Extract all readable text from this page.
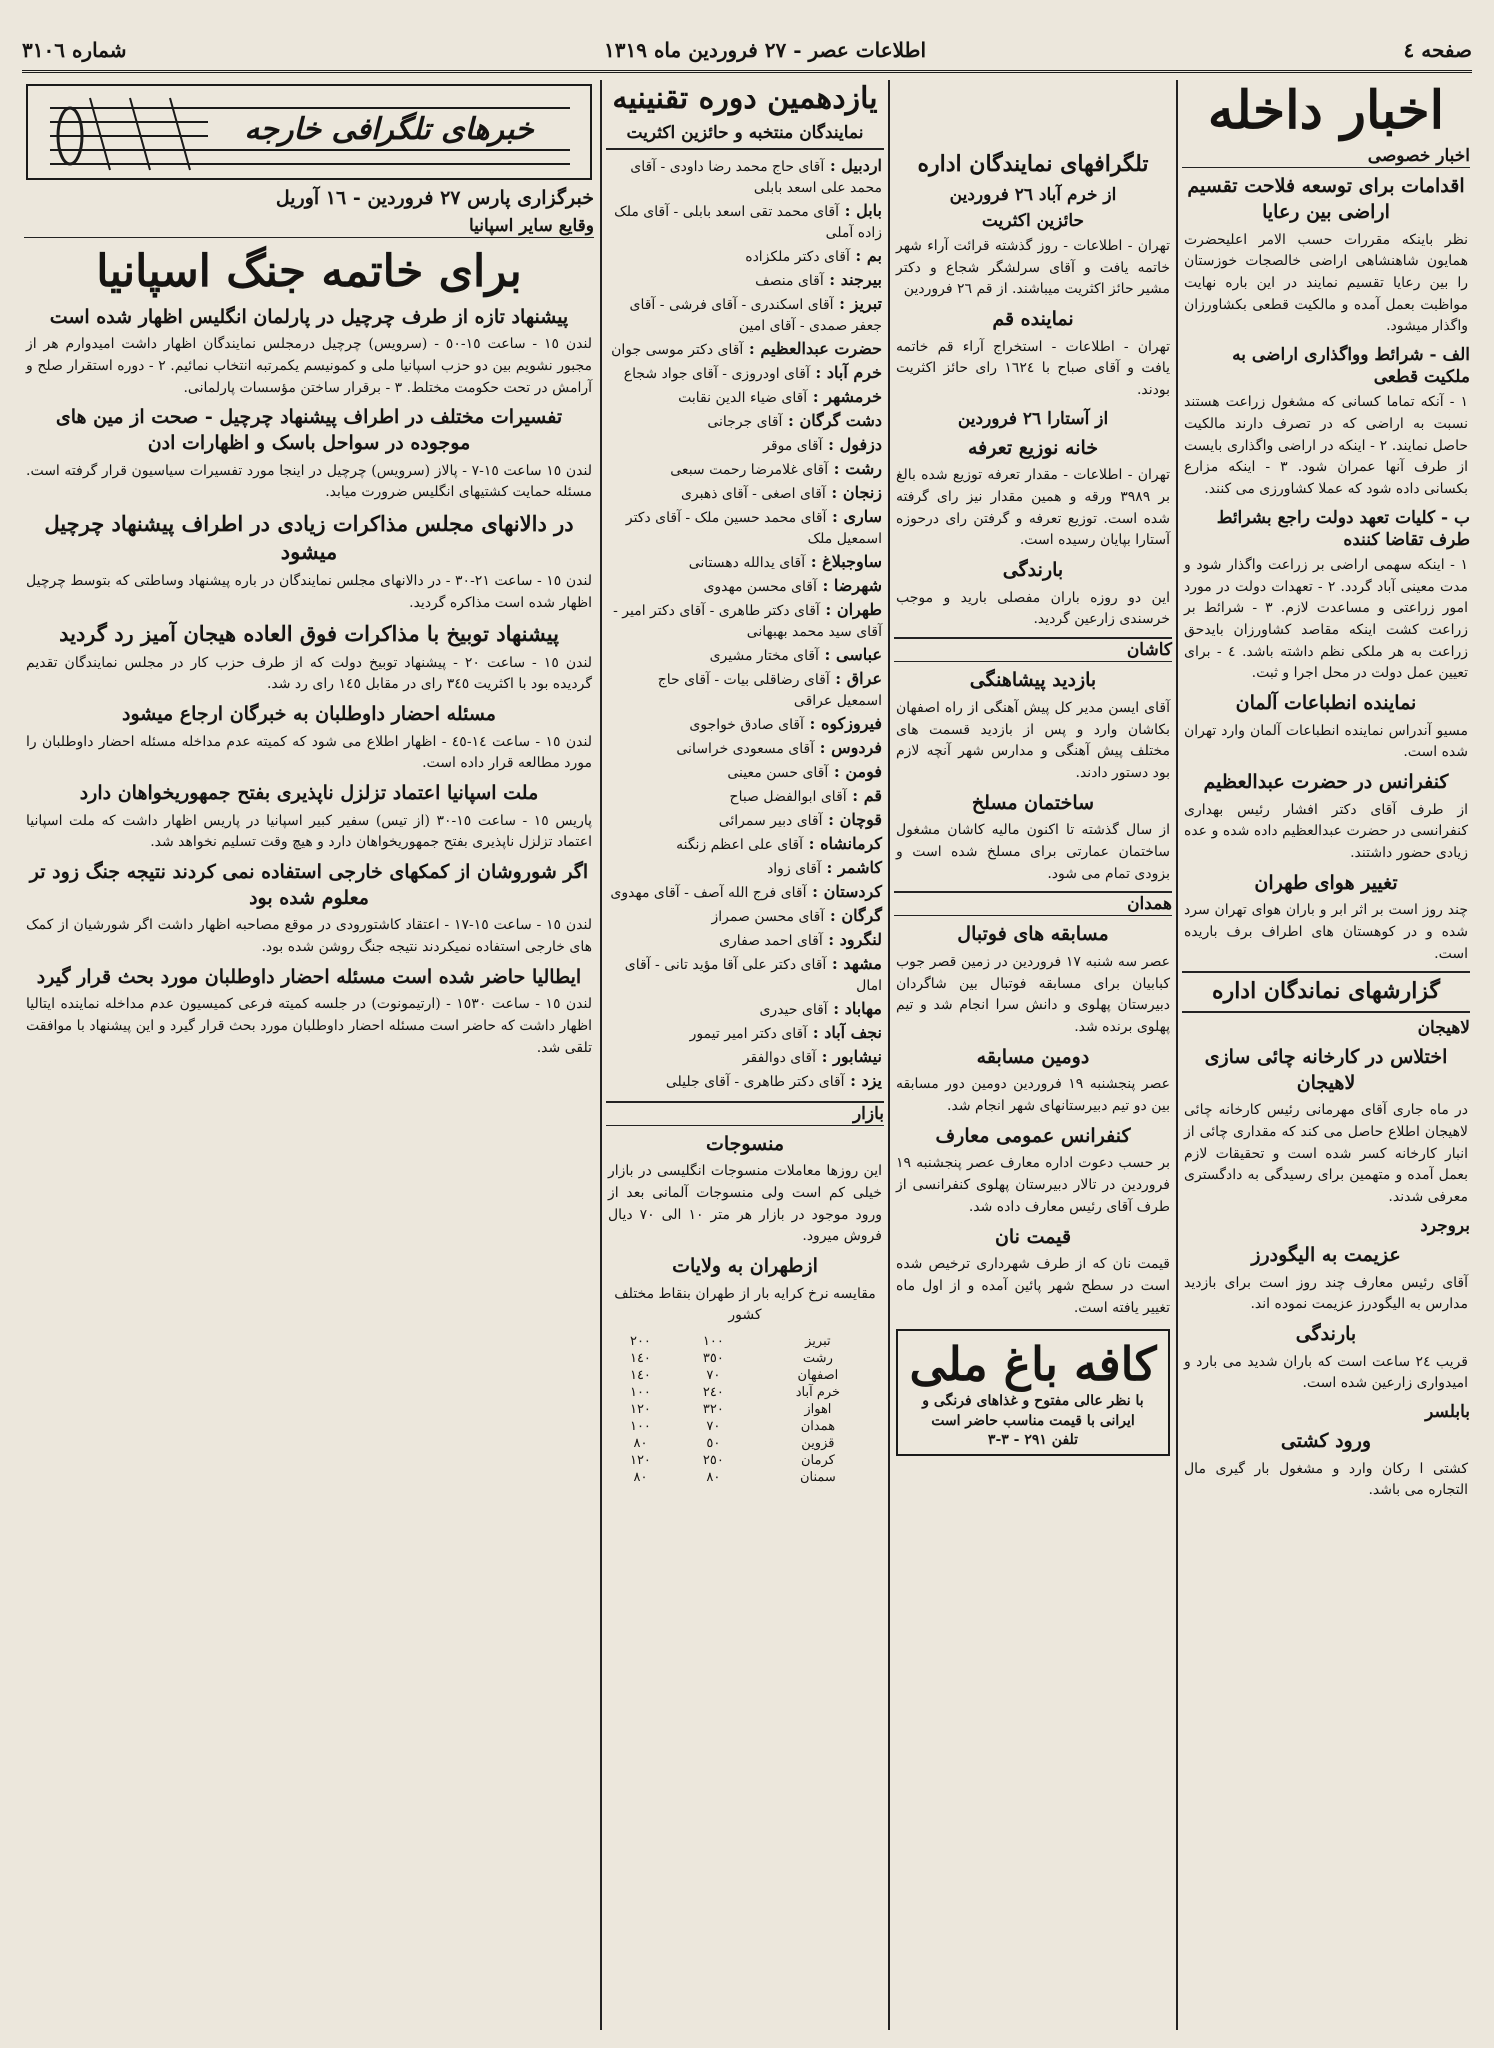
صفحه ٤
اطلاعات عصر - ٢٧ فروردین ماه ١٣١٩
شماره ٣١٠٦
اخبار داخله
اخبار خصوصی
اقدامات برای توسعه فلاحت تقسیم اراضی بین رعایا
نظر باینکه مقررات حسب الامر اعلیحضرت همایون شاهنشاهی اراضی خالصجات خوزستان را بین رعایا تقسیم نمایند در این باره نهایت مواظبت بعمل آمده و مالکیت قطعی بکشاورزان واگذار میشود.
الف - شرائط وواگذاری اراضی به ملکیت قطعی
١ - آنکه تماما کسانی که مشغول زراعت هستند نسبت به اراضی که در تصرف دارند مالکیت حاصل نمایند. ٢ - اینکه در اراضی واگذاری بایست از طرف آنها عمران شود. ٣ - اینکه مزارع بکسانی داده شود که عملا کشاورزی می کنند.
ب - کلیات تعهد دولت راجع بشرائط طرف تقاضا کننده
١ - اینکه سهمی اراضی بر زراعت واگذار شود و مدت معینی آباد گردد. ٢ - تعهدات دولت در مورد امور زراعتی و مساعدت لازم. ٣ - شرائط بر زراعت کشت اینکه مقاصد کشاورزان بایدحق زراعت به هر ملکی نظم داشته باشد. ٤ - برای تعیین عمل دولت در محل اجرا و ثبت.
نماینده انطباعات آلمان
مسیو آندراس نماینده انطباعات آلمان وارد تهران شده است.
کنفرانس در حضرت عبدالعظیم
از طرف آقای دکتر افشار رئیس بهداری کنفرانسی در حضرت عبدالعظیم داده شده و عده زیادی حضور داشتند.
تغییر هوای طهران
چند روز است بر اثر ابر و باران هوای تهران سرد شده و در کوهستان های اطراف برف باریده است.
گزارشهای نماندگان اداره
لاهیجان
اختلاس در کارخانه چائی سازی لاهیجان
در ماه جاری آقای مهرمانی رئیس کارخانه چائی لاهیجان اطلاع حاصل می کند که مقداری چائی از انبار کارخانه کسر شده است و تحقیقات لازم بعمل آمده و متهمین برای رسیدگی به دادگستری معرفی شدند.
بروجرد
عزیمت به الیگودرز
آقای رئیس معارف چند روز است برای بازدید مدارس به الیگودرز عزیمت نموده اند.
بارندگی
قریب ٢٤ ساعت است که باران شدید می بارد و امیدواری زارعین شده است.
بابلسر
ورود کشتی
کشتی ا رکان وارد و مشغول بار گیری مال التجاره می باشد.
تلگرافهای نمایندگان اداره
از خرم آباد ٢٦ فروردین
حائزین اکثریت
تهران - اطلاعات - روز گذشته قرائت آراء شهر خاتمه یافت و آقای سرلشگر شجاع و دکتر مشیر حائز اکثریت میباشند. از قم ٢٦ فروردین
نماینده قم
تهران - اطلاعات - استخراج آراء قم خاتمه یافت و آقای صباح با ١٦٢٤ رای حائز اکثریت بودند.
از آستارا ٢٦ فروردین
خانه نوزیع تعرفه
تهران - اطلاعات - مقدار تعرفه توزیع شده بالغ بر ٣٩٨٩ ورقه و همین مقدار نیز رای گرفته شده است. توزیع تعرفه و گرفتن رای درحوزه آستارا بپایان رسیده است.
بارندگی
این دو روزه باران مفصلی بارید و موجب خرسندی زارعین گردید.
کاشان
بازدید پیشاهنگی
آقای ایسن مدیر کل پیش آهنگی از راه اصفهان بکاشان وارد و پس از بازدید قسمت های مختلف پیش آهنگی و مدارس شهر آنچه لازم بود دستور دادند.
ساختمان مسلخ
از سال گذشته تا اکنون مالیه کاشان مشغول ساختمان عمارتی برای مسلخ شده است و بزودی تمام می شود.
همدان
مسابقه های فوتبال
عصر سه شنبه ١٧ فروردین در زمین قصر جوب کبابیان برای مسابقه فوتبال بین شاگردان دبیرستان پهلوی و دانش سرا انجام شد و تیم پهلوی برنده شد.
دومین مسابقه
عصر پنجشنبه ١٩ فروردین دومین دور مسابقه بین دو تیم دبیرستانهای شهر انجام شد.
کنفرانس عمومی معارف
بر حسب دعوت اداره معارف عصر پنجشنبه ١٩ فروردین در تالار دبیرستان پهلوی کنفرانسی از طرف آقای رئیس معارف داده شد.
قیمت نان
قیمت نان که از طرف شهرداری ترخیص شده است در سطح شهر پائین آمده و از اول ماه تغییر یافته است.
کافه باغ ملی
با نظر عالی مفتوح و غذاهای فرنگی و ایرانی با قیمت مناسب حاضر است
تلفن ٢٩١ - ٣-٣
یازدهمین دوره تقنینیه
نمایندگان منتخبه و حائزین اکثریت
اردبیل : آقای حاج محمد رضا داودی - آقای محمد علی اسعد بابلی
بابل : آقای محمد تقی اسعد بابلی - آقای ملک زاده آملی
بم : آقای دکتر ملکزاده
بیرجند : آقای منصف
تبریز : آقای اسکندری - آقای فرشی - آقای جعفر صمدی - آقای امین
حضرت عبدالعظیم : آقای دکتر موسی جوان
خرم آباد : آقای اودروزی - آقای جواد شجاع
خرمشهر : آقای ضیاء الدین نقابت
دشت گرگان : آقای جرجانی
دزفول : آقای موقر
رشت : آقای غلامرضا رحمت سبعی
زنجان : آقای اصغی - آقای ذهبری
ساری : آقای محمد حسین ملک - آقای دکتر اسمعیل ملک
ساوجبلاغ : آقای یدالله دهستانی
شهرضا : آقای محسن مهدوی
طهران : آقای دکتر طاهری - آقای دکتر امیر - آقای سید محمد بهبهانی
عباسی : آقای مختار مشیری
عراق : آقای رضاقلی بیات - آقای حاج اسمعیل عراقی
فیروزکوه : آقای صادق خواجوی
فردوس : آقای مسعودی خراسانی
فومن : آقای حسن معینی
قم : آقای ابوالفضل صباح
قوچان : آقای دبیر سمرائی
کرمانشاه : آقای علی اعظم زنگنه
کاشمر : آقای زواد
کردستان : آقای فرج الله آصف - آقای مهدوی
گرگان : آقای محسن صمراز
لنگرود : آقای احمد صفاری
مشهد : آقای دکتر علی آقا مؤید تانی - آقای امال
مهاباد : آقای حیدری
نجف آباد : آقای دکتر امیر تیمور
نیشابور : آقای دوالفقر
یزد : آقای دکتر طاهری - آقای جلیلی
بازار
منسوجات
این روزها معاملات منسوجات انگلیسی در بازار خیلی کم است ولی منسوجات آلمانی بعد از ورود موجود در بازار هر متر ١٠ الی ٧٠ دیال فروش میرود.
ازطهران به ولایات
مقایسه نرخ کرایه بار از طهران بنقاط مختلف کشور
تبریز	١٠٠	٢٠٠
رشت	٣٥٠	١٤٠
اصفهان	٧٠	١٤٠
خرم آباد	٢٤٠	١٠٠
اهواز	٣٢٠	١٢٠
همدان	٧٠	١٠٠
قزوین	٥٠	٨٠
کرمان	٢٥٠	١٢٠
سمنان	٨٠	٨٠
خبرهای تلگرافی خارجه
خبرگزاری پارس ٢٧ فروردین - ١٦ آوریل
وقایع سایر اسپانیا
برای خاتمه جنگ اسپانیا
پیشنهاد تازه از طرف چرچیل در پارلمان انگلیس اظهار شده است
لندن ١٥ - ساعت ١٥-٥٠ - (سرویس) چرچیل درمجلس نمایندگان اظهار داشت امیدوارم هر از مجبور نشویم بین دو حزب اسپانیا ملی و کمونیسم یکمرتبه انتخاب نمائیم. ٢ - دوره استقرار صلح و آرامش در تحت حکومت مختلط. ٣ - برقرار ساختن مؤسسات پارلمانی.
تفسیرات مختلف در اطراف پیشنهاد چرچیل - صحت از مین های موجوده در سواحل باسک و اظهارات ادن
لندن ١٥ ساعت ١٥-٧ - پالاز (سرویس) چرچیل در اینجا مورد تفسیرات سیاسیون قرار گرفته است. مسئله حمایت کشتیهای انگلیس ضرورت میابد.
در دالانهای مجلس مذاکرات زیادی در اطراف پیشنهاد چرچیل میشود
لندن ١٥ - ساعت ٢١-٣٠ - در دالانهای مجلس نمایندگان در باره پیشنهاد وساطتی که بتوسط چرچیل اظهار شده است مذاکره گردید.
پیشنهاد توبیخ با مذاکرات فوق العاده هیجان آمیز رد گردید
لندن ١٥ - ساعت ٢٠ - پیشنهاد توبیخ دولت که از طرف حزب کار در مجلس نمایندگان تقدیم گردیده بود با اکثریت ٣٤٥ رای در مقابل ١٤٥ رای رد شد.
مسئله احضار داوطلبان به خبرگان ارجاع میشود
لندن ١٥ - ساعت ١٤-٤٥ - اظهار اطلاع می شود که کمیته عدم مداخله مسئله احضار داوطلبان را مورد مطالعه قرار داده است.
ملت اسپانیا اعتماد تزلزل ناپذیری بفتح جمهوریخواهان دارد
پاریس ١٥ - ساعت ١٥-٣٠ (از تیس) سفیر کبیر اسپانیا در پاریس اظهار داشت که ملت اسپانیا اعتماد تزلزل ناپذیری بفتح جمهوریخواهان دارد و هیچ وقت تسلیم نخواهد شد.
اگر شوروشان از کمکهای خارجی استفاده نمی کردند نتیجه جنگ زود تر معلوم شده بود
لندن ١٥ - ساعت ١٥-١٧ - اعتقاد کاشتورودی در موقع مصاحبه اظهار داشت اگر شورشیان از کمک های خارجی استفاده نمیکردند نتیجه جنگ روشن شده بود.
ایطالیا حاضر شده است مسئله احضار داوطلبان مورد بحث قرار گیرد
لندن ١٥ - ساعت ١٥٣٠ - (ارتیمونوت) در جلسه کمیته فرعی کمیسیون عدم مداخله نماینده ایتالیا اظهار داشت که حاضر است مسئله احضار داوطلبان مورد بحث قرار گیرد و این پیشنهاد با موافقت تلقی شد.
